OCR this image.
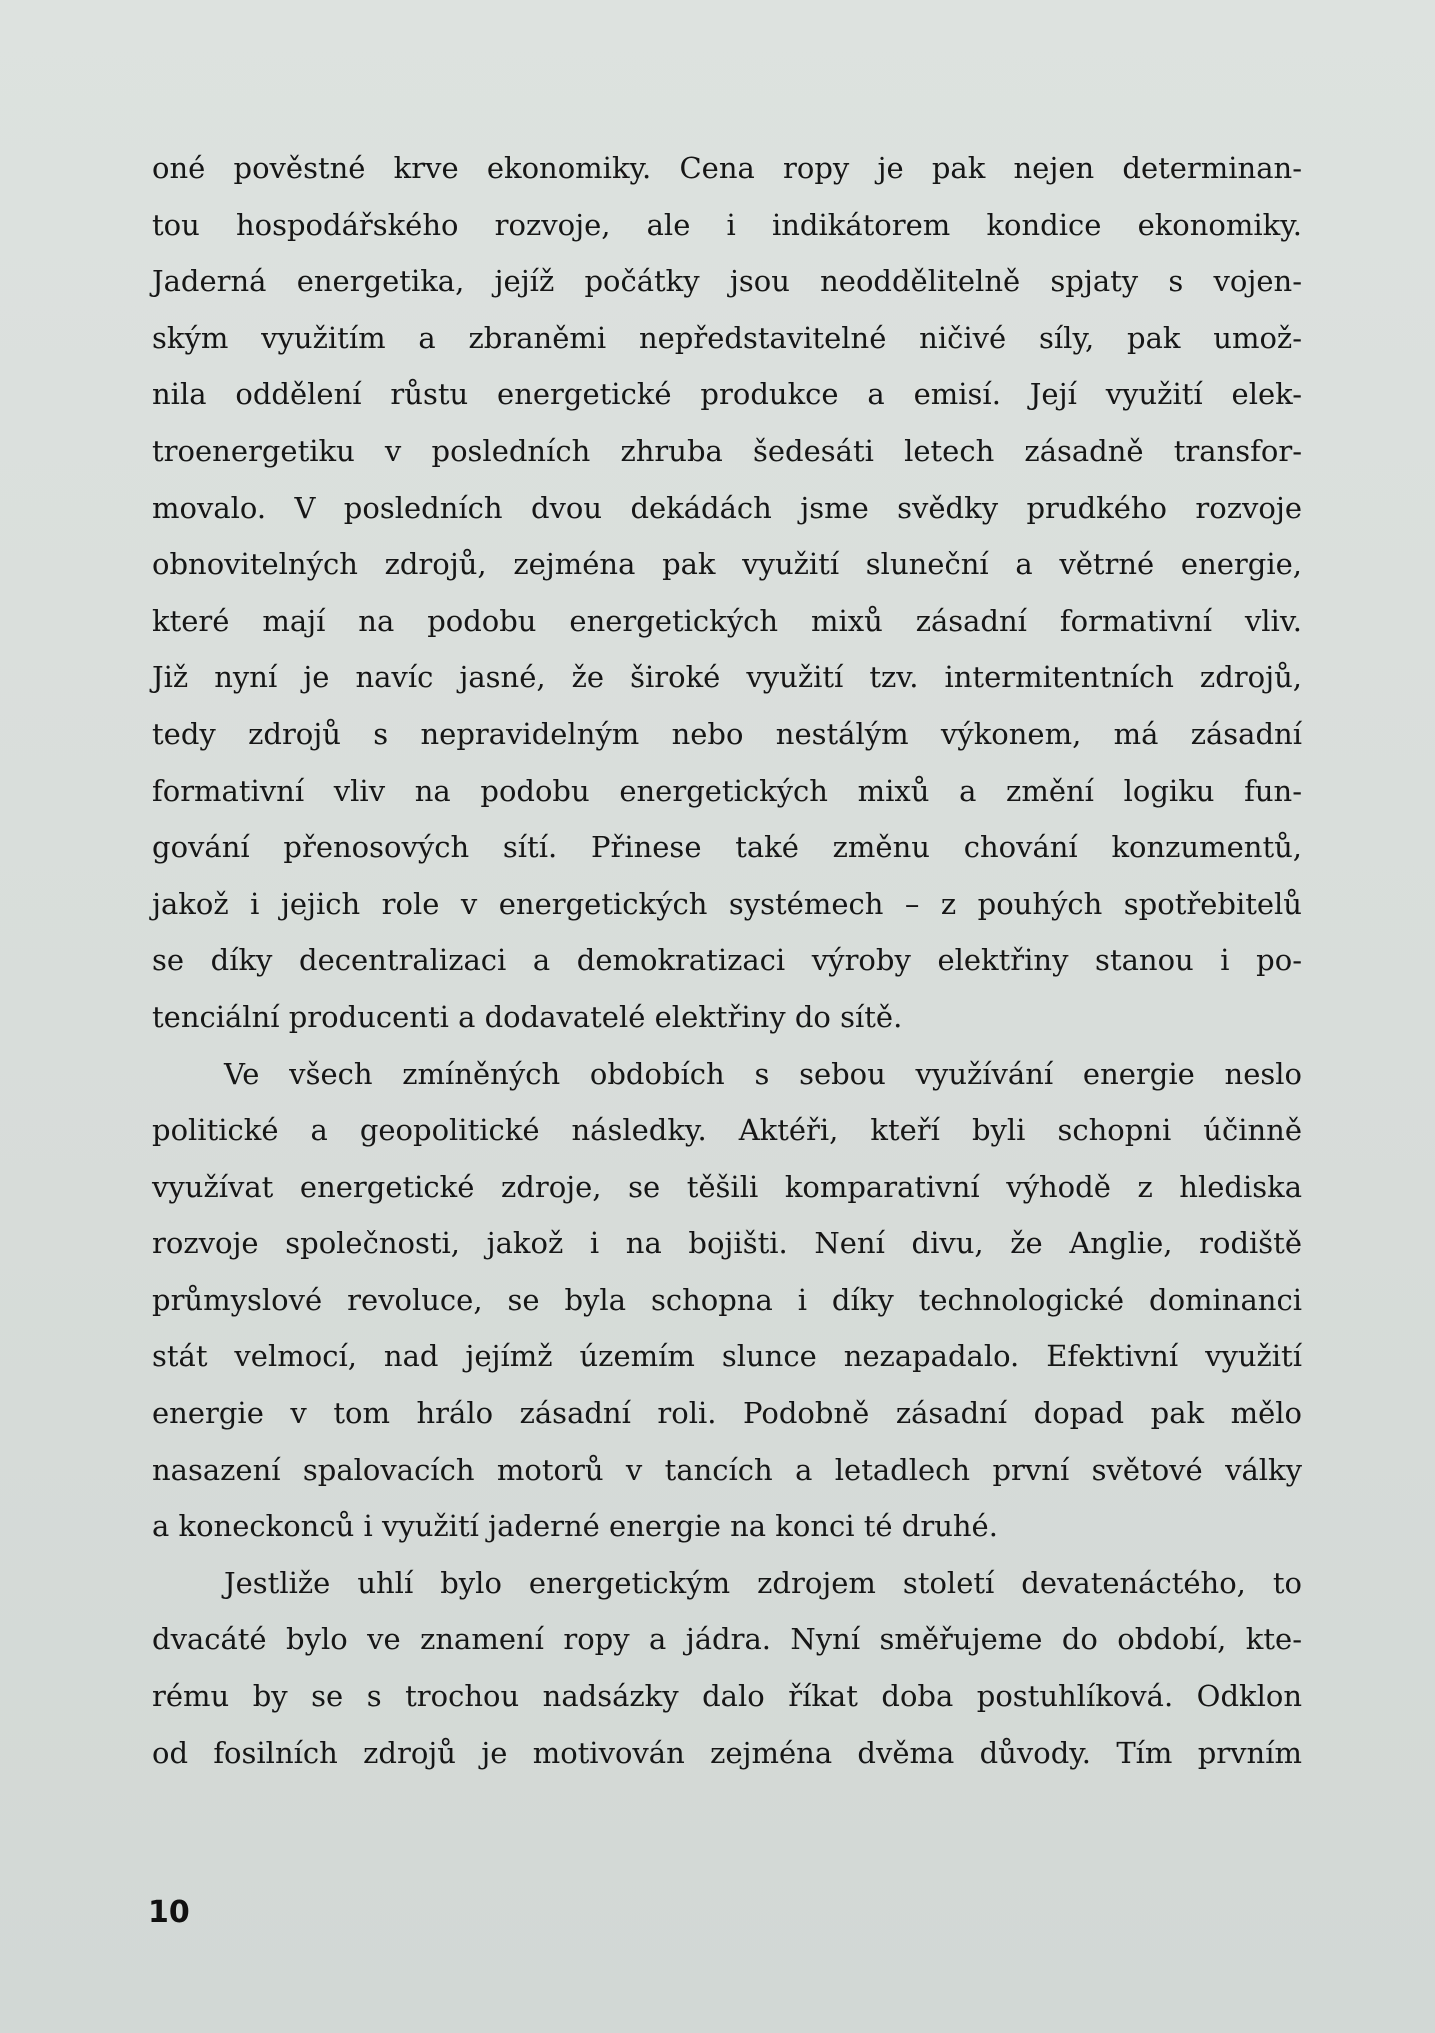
oné pověstné krve ekonomiky. Cena ropy je pak nejen determinan-
tou hospodářského rozvoje, ale i indikátorem kondice ekonomiky.
Jaderná energetika, jejíž počátky jsou neoddělitelně spjaty s vojen-
ským využitím a zbraněmi nepředstavitelné ničivé síly, pak umož-
nila oddělení růstu energetické produkce a emisí. Její využití elek-
troenergetiku v posledních zhruba šedesáti letech zásadně transfor-
movalo. V posledních dvou dekádách jsme svědky prudkého rozvoje
obnovitelných zdrojů, zejména pak využití sluneční a větrné energie,
které mají na podobu energetických mixů zásadní formativní vliv.
Již nyní je navíc jasné, že široké využití tzv. intermitentních zdrojů,
tedy zdrojů s nepravidelným nebo nestálým výkonem, má zásadní
formativní vliv na podobu energetických mixů a změní logiku fun-
gování přenosových sítí. Přinese také změnu chování konzumentů,
jakož i jejich role v energetických systémech – z pouhých spotřebitelů
se díky decentralizaci a demokratizaci výroby elektřiny stanou i po-
tenciální producenti a dodavatelé elektřiny do sítě.
Ve všech zmíněných obdobích s sebou využívání energie neslo
politické a geopolitické následky. Aktéři, kteří byli schopni účinně
využívat energetické zdroje, se těšili komparativní výhodě z hlediska
rozvoje společnosti, jakož i na bojišti. Není divu, že Anglie, rodiště
průmyslové revoluce, se byla schopna i díky technologické dominanci
stát velmocí, nad jejímž územím slunce nezapadalo. Efektivní využití
energie v tom hrálo zásadní roli. Podobně zásadní dopad pak mělo
nasazení spalovacích motorů v tancích a letadlech první světové války
a koneckonců i využití jaderné energie na konci té druhé.
Jestliže uhlí bylo energetickým zdrojem století devatenáctého, to
dvacáté bylo ve znamení ropy a jádra. Nyní směřujeme do období, kte-
rému by se s trochou nadsázky dalo říkat doba postuhlíková. Odklon
od fosilních zdrojů je motivován zejména dvěma důvody. Tím prvním
10
